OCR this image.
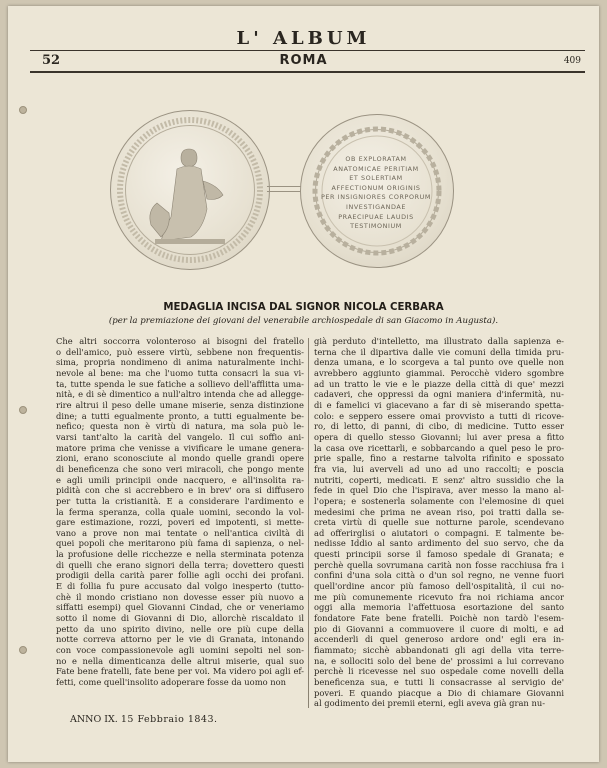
L' ALBUM
52	ROMA	409
OB EXPLORATAM
ANATOMICAE PERITIAM
ET SOLERTIAM
AFFECTIONUM ORIGINIS
PER INSIGNIORES CORPORUM
INVESTIGANDAE
PRAECIPUAE LAUDIS
TESTIMONIUM
MEDAGLIA INCISA DAL SIGNOR NICOLA CERBARA
(per la premiazione dei giovani del venerabile archiospedale di san Giacomo in Augusta).
Che altri soccorra volonteroso ai bisogni del fratello
o dell'amico, può essere virtù, sebbene non frequentis-
sima, propria nondimeno di anima naturalmente inchi-
nevole al bene: ma che l'uomo tutta consacri la sua vi-
ta, tutte spenda le sue fatiche a sollievo dell'afflitta uma-
nità, e di sè dimentico a null'altro intenda che ad allegge-
rire altrui il peso delle umane miserie, senza distinzione
dine; a tutti egualmente pronto, a tutti egualmente be-
nefico; questa non è virtù di natura, ma sola può le-
varsi tant'alto la carità del vangelo. Il cui soffio ani-
matore prima che venisse a vivificare le umane genera-
zioni, erano sconosciute al mondo quelle grandi opere
di beneficenza che sono veri miracoli, che pongo mente
e agli umili principii onde nacquero, e all'insolita ra-
pidità con che si accrebbero e in brev' ora si diffusero
per tutta la cristianità. E a considerare l'ardimento e
la ferma speranza, colla quale uomini, secondo la vol-
gare estimazione, rozzi, poveri ed impotenti, si mette-
vano a prove non mai tentate o nell'antica civiltà di
quei popoli che meritarono più fama di sapienza, o nel-
la profusione delle ricchezze e nella sterminata potenza
di quelli che erano signori della terra; dovettero questi
prodigii della carità parer follie agli occhi dei profani.
E di follia fu pure accusato dal volgo inesperto (tutto-
chè il mondo cristiano non dovesse esser più nuovo a
siffatti esempi) quel Giovanni Cindad, che or veneriamo
sotto il nome di Giovanni di Dio, allorchè riscaldato il
petto da uno spirito divino, nelle ore più cupe della
notte correva attorno per le vie di Granata, intonando
con voce compassionevole agli uomini sepolti nel son-
no e nella dimenticanza delle altrui miserie, qual suo
Fate bene fratelli, fate bene per voi. Ma videro poi agli ef-
fetti, come quell'insolito adoperare fosse da uomo non
già perduto d'intelletto, ma illustrato dalla sapienza e-
terna che il dipartiva dalle vie comuni della timida pru-
denza umana, e lo scorgeva a tal punto ove quelle non
avrebbero aggiunto giammai. Perocchè videro sgombre
ad un tratto le vie e le piazze della città di que' mezzi
cadaveri, che oppressi da ogni maniera d'infermità, nu-
di e famelici vi giacevano a far di sè miserando spetta-
colo: e seppero essere omai provvisto a tutti di ricove-
ro, di letto, di panni, di cibo, di medicine. Tutto esser
opera di quello stesso Giovanni; lui aver presa a fitto
la casa ove ricettarli, e sobbarcando a quel peso le pro-
prie spalle, fino a restarne talvolta rifinito e spossato
fra via, lui averveli ad uno ad uno raccolti; e poscia
nutriti, coperti, medicati. E senz' altro sussidio che la
fede in quel Dio che l'ispirava, aver messo la mano al-
l'opera; e sostenerla solamente con l'elemosine di quei
medesimi che prima ne avean riso, poi tratti dalla se-
creta virtù di quelle sue notturne parole, scendevano
ad offerirglisi o aiutatori o compagni. E talmente be-
nedisse Iddio al santo ardimento del suo servo, che da
questi principii sorse il famoso spedale di Granata; e
perchè quella sovrumana carità non fosse racchiusa fra i
confini d'una sola città o d'un sol regno, ne venne fuori
quell'ordine ancor più famoso dell'ospitalità, il cui no-
me più comunemente ricevuto fra noi richiama ancor
oggi alla memoria l'affettuosa esortazione del santo
fondatore Fate bene fratelli. Poichè non tardò l'esem-
pio di Giovanni a commuovere il cuore di molti, e ad
accenderli di quel generoso ardore ond' egli era in-
fiammato; sicchè abbandonati gli agi della vita terre-
na, e sollociti solo del bene de' prossimi a lui correvano
perchè li ricevesse nel suo ospedale come novelli della
beneficenza sua, e tutti li consacrasse al servigio de'
poveri. E quando piacque a Dio di chiamare Giovanni
al godimento dei premii eterni, egli aveva già gran nu-
ANNO IX. 15 Febbraio 1843.
